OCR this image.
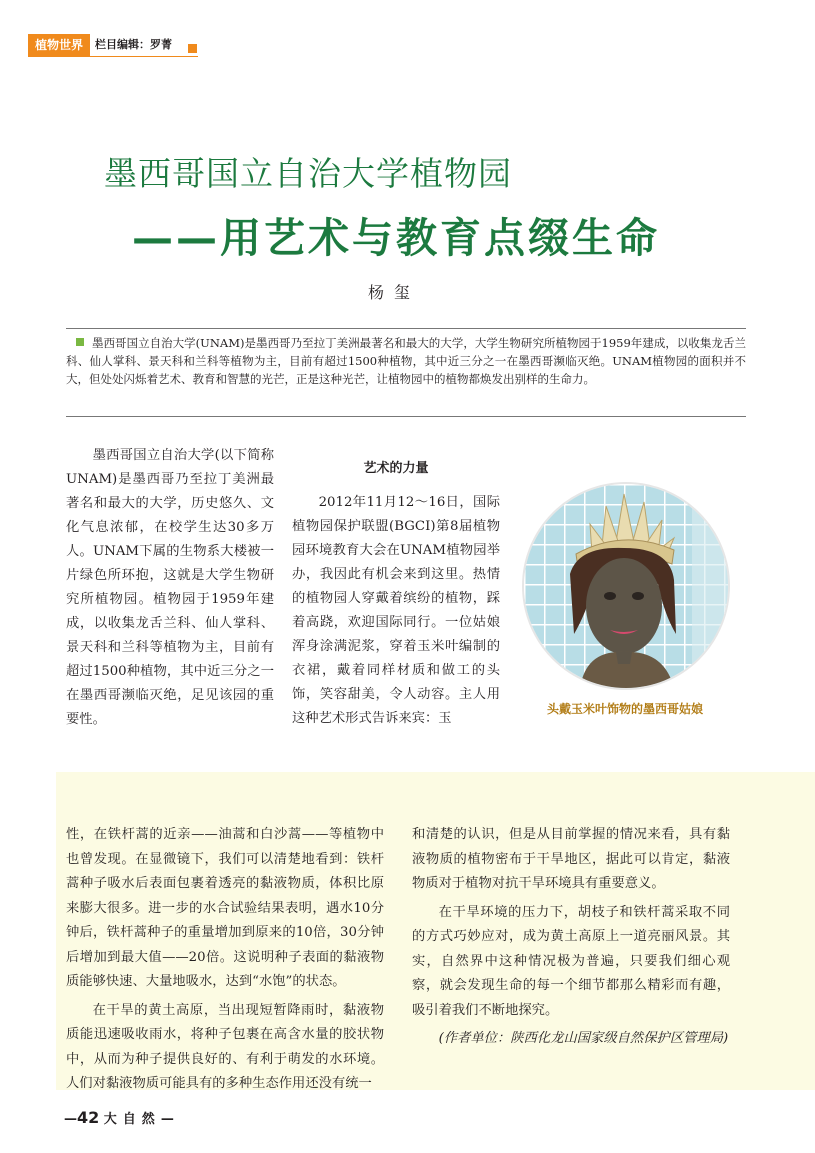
植物世界	栏目编辑：罗菁
墨西哥国立自治大学植物园
——用艺术与教育点缀生命
杨玺
墨西哥国立自治大学(UNAM)是墨西哥乃至拉丁美洲最著名和最大的大学，大学生物研究所植物园于1959年建成，以收集龙舌兰科、仙人掌科、景天科和兰科等植物为主，目前有超过1500种植物，其中近三分之一在墨西哥濒临灭绝。UNAM植物园的面积并不大，但处处闪烁着艺术、教育和智慧的光芒，正是这种光芒，让植物园中的植物都焕发出别样的生命力。
墨西哥国立自治大学(以下简称UNAM)是墨西哥乃至拉丁美洲最著名和最大的大学，历史悠久、文化气息浓郁，在校学生达30多万人。UNAM下属的生物系大楼被一片绿色所环抱，这就是大学生物研究所植物园。植物园于1959年建成，以收集龙舌兰科、仙人掌科、景天科和兰科等植物为主，目前有超过1500种植物，其中近三分之一在墨西哥濒临灭绝，足见该园的重要性。
艺术的力量
2012年11月12～16日，国际植物园保护联盟(BGCI)第8届植物园环境教育大会在UNAM植物园举办，我因此有机会来到这里。热情的植物园人穿戴着缤纷的植物，踩着高跷，欢迎国际同行。一位姑娘浑身涂满泥浆，穿着玉米叶编制的衣裙，戴着同样材质和做工的头饰，笑容甜美，令人动容。主人用这种艺术形式告诉来宾：玉
头戴玉米叶饰物的墨西哥姑娘
性，在铁杆蒿的近亲——油蒿和白沙蒿——等植物中也曾发现。在显微镜下，我们可以清楚地看到：铁杆蒿种子吸水后表面包裹着透亮的黏液物质，体积比原来膨大很多。进一步的水合试验结果表明，遇水10分钟后，铁杆蒿种子的重量增加到原来的10倍，30分钟后增加到最大值——20倍。这说明种子表面的黏液物质能够快速、大量地吸水，达到“水饱”的状态。
在干旱的黄土高原，当出现短暂降雨时，黏液物质能迅速吸收雨水，将种子包裹在高含水量的胶状物中，从而为种子提供良好的、有利于萌发的水环境。人们对黏液物质可能具有的多种生态作用还没有统一
和清楚的认识，但是从目前掌握的情况来看，具有黏液物质的植物密布于干旱地区，据此可以肯定，黏液物质对于植物对抗干旱环境具有重要意义。
在干旱环境的压力下，胡枝子和铁杆蒿采取不同的方式巧妙应对，成为黄土高原上一道亮丽风景。其实，自然界中这种情况极为普遍，只要我们细心观察，就会发现生命的每一个细节都那么精彩而有趣，吸引着我们不断地探究。
(作者单位：陕西化龙山国家级自然保护区管理局)
—42 大自然—
